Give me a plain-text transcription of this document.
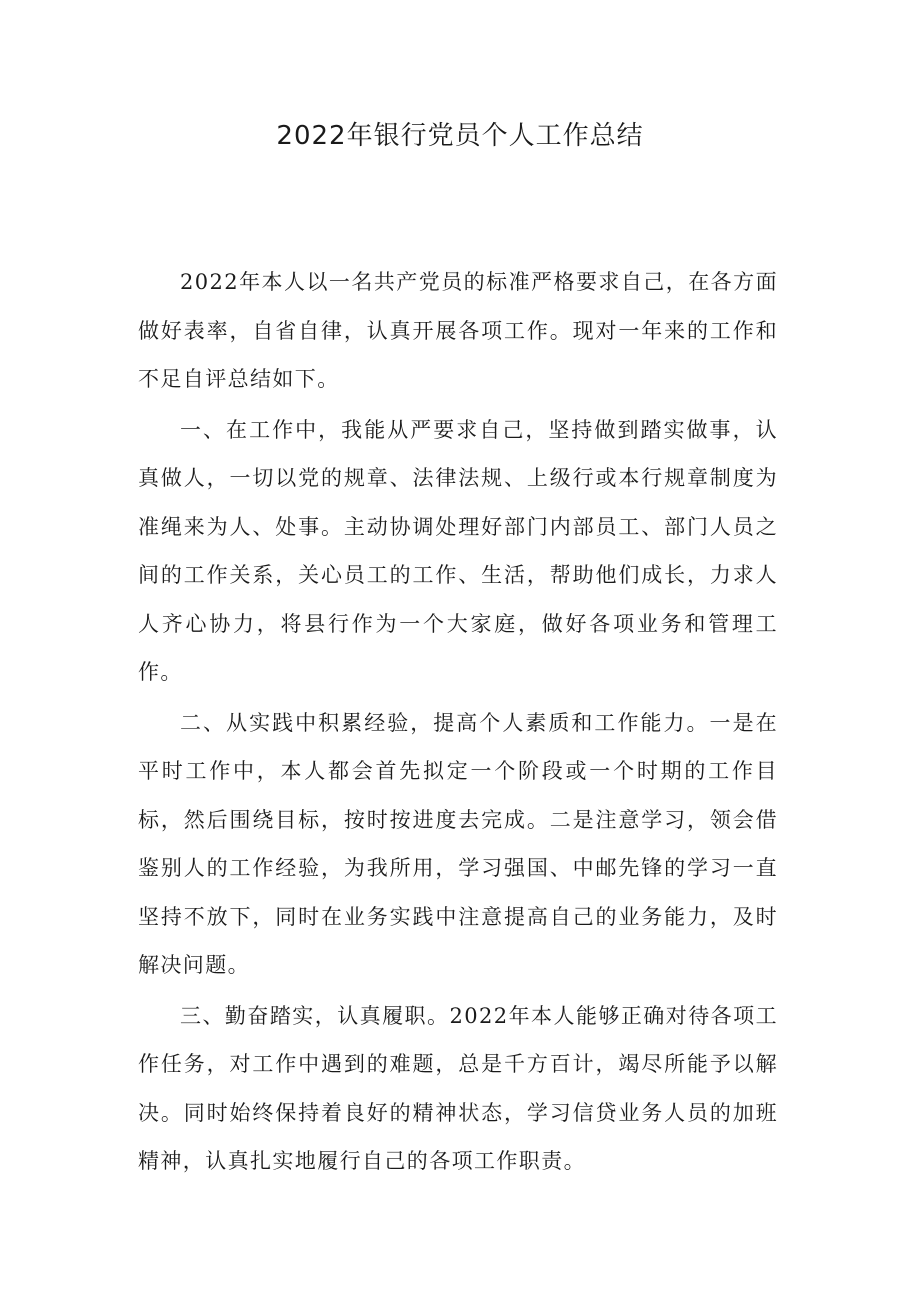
2022年银行党员个人工作总结

2022年本人以一名共产党员的标准严格要求自己，在各方面做好表率，自省自律，认真开展各项工作。现对一年来的工作和不足自评总结如下。

一、在工作中，我能从严要求自己，坚持做到踏实做事，认真做人，一切以党的规章、法律法规、上级行或本行规章制度为准绳来为人、处事。主动协调处理好部门内部员工、部门人员之间的工作关系，关心员工的工作、生活，帮助他们成长，力求人人齐心协力，将县行作为一个大家庭，做好各项业务和管理工作。

二、从实践中积累经验，提高个人素质和工作能力。一是在平时工作中，本人都会首先拟定一个阶段或一个时期的工作目标，然后围绕目标，按时按进度去完成。二是注意学习，领会借鉴别人的工作经验，为我所用，学习强国、中邮先锋的学习一直坚持不放下，同时在业务实践中注意提高自己的业务能力，及时解决问题。

三、勤奋踏实，认真履职。2022年本人能够正确对待各项工作任务，对工作中遇到的难题，总是千方百计，竭尽所能予以解决。同时始终保持着良好的精神状态，学习信贷业务人员的加班精神，认真扎实地履行自己的各项工作职责。
